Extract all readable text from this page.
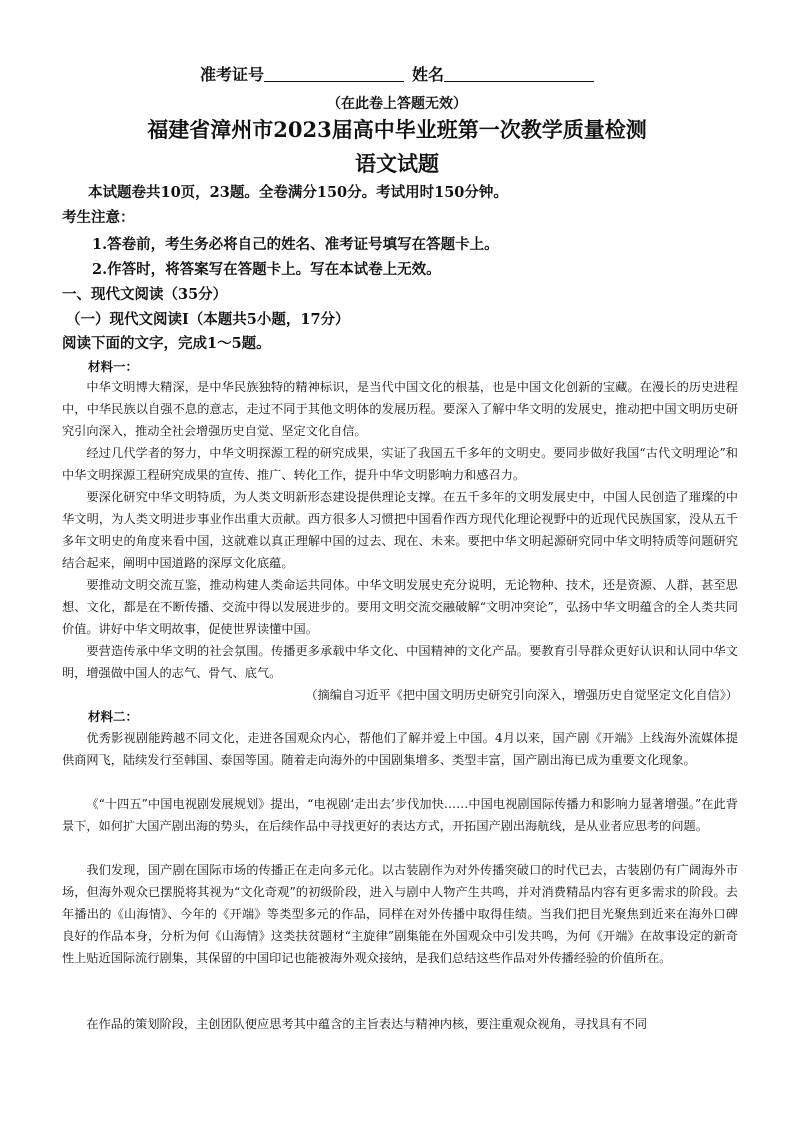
准考证号	姓名
（在此卷上答题无效）
福建省漳州市2023届高中毕业班第一次教学质量检测
语文试题
本试题卷共10页，23题。全卷满分150分。考试用时150分钟。
考生注意：
1.答卷前，考生务必将自己的姓名、准考证号填写在答题卡上。
2.作答时，将答案写在答题卡上。写在本试卷上无效。
一、现代文阅读（35分）
（一）现代文阅读Ⅰ（本题共5小题，17分）
阅读下面的文字，完成1～5题。
材料一：

中华文明博大精深，是中华民族独特的精神标识，是当代中国文化的根基，也是中国文化创新的宝藏。在漫长的历史进程中，中华民族以自强不息的意志，走过不同于其他文明体的发展历程。要深入了解中华文明的发展史，推动把中国文明历史研究引向深入，推动全社会增强历史自觉、坚定文化自信。

经过几代学者的努力，中华文明探源工程的研究成果，实证了我国五千多年的文明史。要同步做好我国“古代文明理论”和中华文明探源工程研究成果的宣传、推广、转化工作，提升中华文明影响力和感召力。

要深化研究中华文明特质，为人类文明新形态建设提供理论支撑。在五千多年的文明发展史中，中国人民创造了璀璨的中华文明，为人类文明进步事业作出重大贡献。西方很多人习惯把中国看作西方现代化理论视野中的近现代民族国家，没从五千多年文明史的角度来看中国，这就难以真正理解中国的过去、现在、未来。要把中华文明起源研究同中华文明特质等问题研究结合起来，阐明中国道路的深厚文化底蕴。

要推动文明交流互鉴，推动构建人类命运共同体。中华文明发展史充分说明，无论物种、技术，还是资源、人群，甚至思想、文化，都是在不断传播、交流中得以发展进步的。要用文明交流交融破解“文明冲突论”，弘扬中华文明蕴含的全人类共同价值。讲好中华文明故事，促使世界读懂中国。

要营造传承中华文明的社会氛围。传播更多承载中华文化、中国精神的文化产品。要教育引导群众更好认识和认同中华文明，增强做中国人的志气、骨气、底气。

（摘编自习近平《把中国文明历史研究引向深入，增强历史自觉坚定文化自信》）

材料二：

优秀影视剧能跨越不同文化，走进各国观众内心，帮他们了解并爱上中国。4月以来，国产剧《开端》上线海外流媒体提供商网飞，陆续发行至韩国、泰国等国。随着走向海外的中国剧集增多、类型丰富，国产剧出海已成为重要文化现象。

《“十四五”中国电视剧发展规划》提出，“电视剧‘走出去’步伐加快……中国电视剧国际传播力和影响力显著增强。”在此背景下，如何扩大国产剧出海的势头，在后续作品中寻找更好的表达方式，开拓国产剧出海航线，是从业者应思考的问题。

我们发现，国产剧在国际市场的传播正在走向多元化。以古装剧作为对外传播突破口的时代已去，古装剧仍有广阔海外市场，但海外观众已摆脱将其视为“文化奇观”的初级阶段，进入与剧中人物产生共鸣，并对消费精品内容有更多需求的阶段。去年播出的《山海情》、今年的《开端》等类型多元的作品，同样在对外传播中取得佳绩。当我们把目光聚焦到近来在海外口碑良好的作品本身，分析为何《山海情》这类扶贫题材“主旋律”剧集能在外国观众中引发共鸣，为何《开端》在故事设定的新奇性上贴近国际流行剧集，其保留的中国印记也能被海外观众接纳，是我们总结这些作品对外传播经验的价值所在。

在作品的策划阶段，主创团队便应思考其中蕴含的主旨表达与精神内核，要注重观众视角，寻找具有不同
